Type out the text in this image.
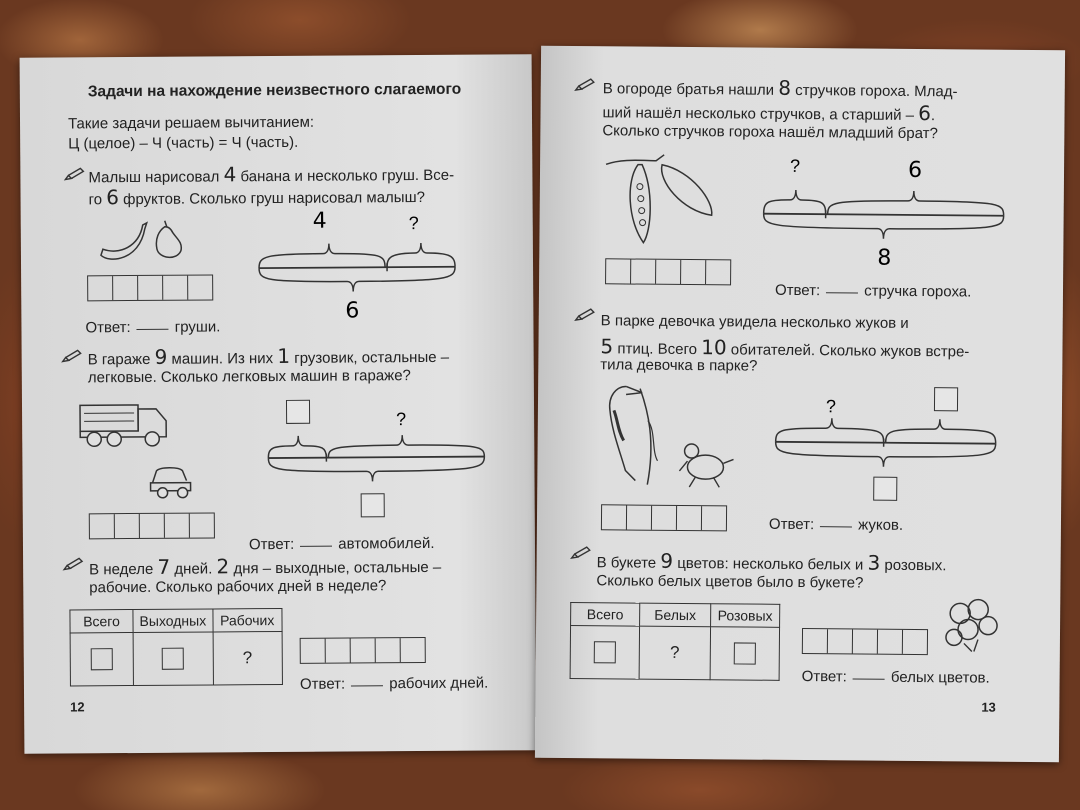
Задачи на нахождение неизвестного слагаемого
Такие задачи решаем вычитанием:
Ц (целое) – Ч (часть) = Ч (часть).
Малыш нарисовал 4 банана и несколько груш. Все-
го 6 фруктов. Сколько груш нарисовал малыш?
4	?
6
Ответ:	груши.
В гараже 9 машин. Из них 1 грузовик, остальные –
легковые. Сколько легковых машин в гараже?
?
Ответ:	автомобилей.
В неделе 7 дней. 2 дня – выходные, остальные –
рабочие. Сколько рабочих дней в неделе?
Всего	Выходных	Рабочих
		?
Ответ:	рабочих дней.
12
В огороде братья нашли 8 стручков гороха. Млад-
ший нашёл несколько стручков, а старший – 6.
Сколько стручков гороха нашёл младший брат?
?	6
8
Ответ:	стручка гороха.
В парке девочка увидела несколько жуков и
5 птиц. Всего 10 обитателей. Сколько жуков встре-
тила девочка в парке?
?
Ответ:	жуков.
В букете 9 цветов: несколько белых и 3 розовых.
Сколько белых цветов было в букете?
Всего	Белых	Розовых
	?	
Ответ:	белых цветов.
13
